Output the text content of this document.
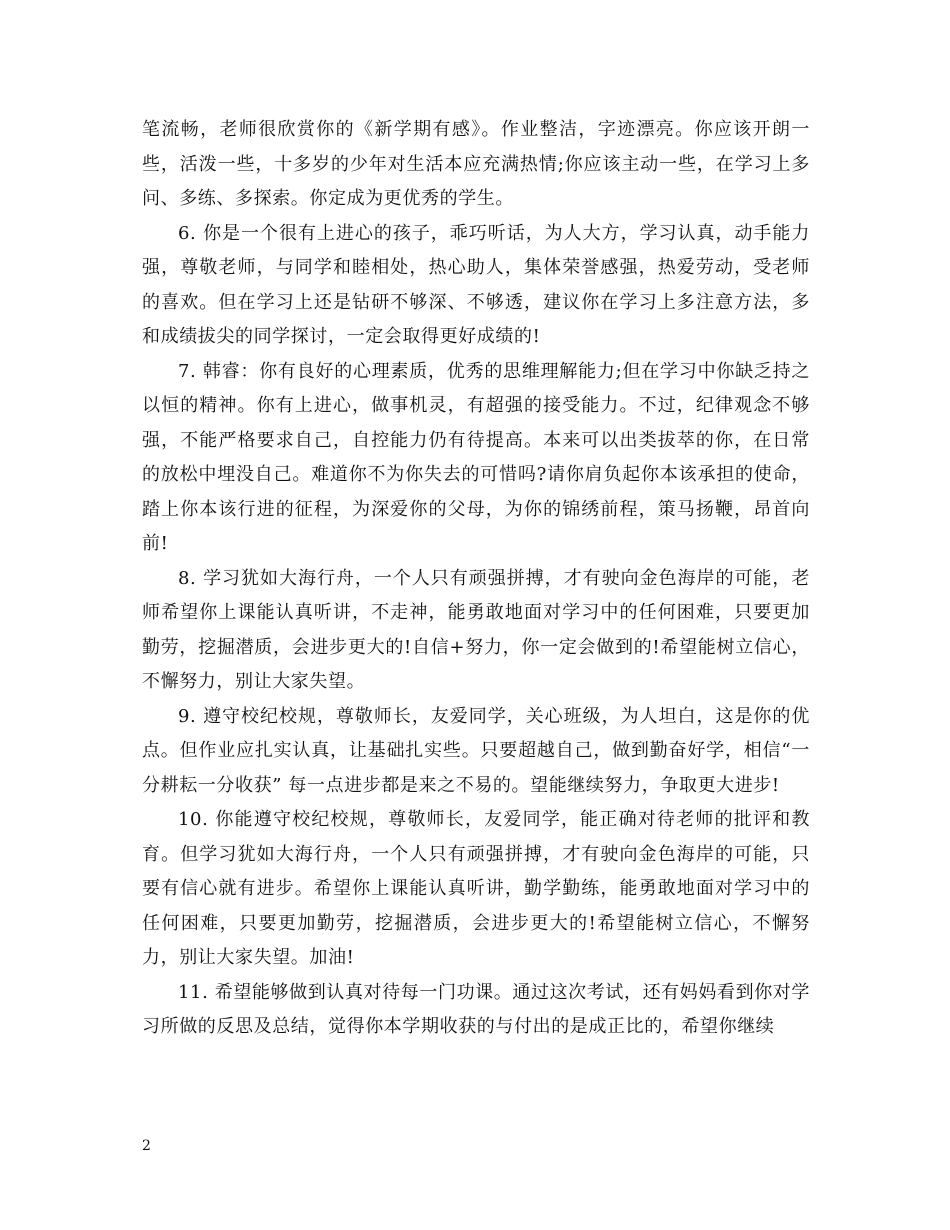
笔流畅，老师很欣赏你的《新学期有感》。作业整洁，字迹漂亮。你应该开朗一些，活泼一些，十多岁的少年对生活本应充满热情;你应该主动一些，在学习上多问、多练、多探索。你定成为更优秀的学生。

6. 你是一个很有上进心的孩子，乖巧听话，为人大方，学习认真，动手能力强，尊敬老师，与同学和睦相处，热心助人，集体荣誉感强，热爱劳动，受老师的喜欢。但在学习上还是钻研不够深、不够透，建议你在学习上多注意方法，多和成绩拔尖的同学探讨，一定会取得更好成绩的!

7. 韩睿：你有良好的心理素质，优秀的思维理解能力;但在学习中你缺乏持之以恒的精神。你有上进心，做事机灵，有超强的接受能力。不过，纪律观念不够强，不能严格要求自己，自控能力仍有待提高。本来可以出类拔萃的你，在日常的放松中埋没自己。难道你不为你失去的可惜吗?请你肩负起你本该承担的使命，踏上你本该行进的征程，为深爱你的父母，为你的锦绣前程，策马扬鞭，昂首向前!

8. 学习犹如大海行舟，一个人只有顽强拼搏，才有驶向金色海岸的可能，老师希望你上课能认真听讲，不走神，能勇敢地面对学习中的任何困难，只要更加勤劳，挖掘潜质，会进步更大的!自信+努力，你一定会做到的!希望能树立信心，不懈努力，别让大家失望。

9. 遵守校纪校规，尊敬师长，友爱同学，关心班级，为人坦白，这是你的优点。但作业应扎实认真，让基础扎实些。只要超越自己，做到勤奋好学，相信“一分耕耘一分收获” 每一点进步都是来之不易的。望能继续努力，争取更大进步!

10. 你能遵守校纪校规，尊敬师长，友爱同学，能正确对待老师的批评和教育。但学习犹如大海行舟，一个人只有顽强拼搏，才有驶向金色海岸的可能，只要有信心就有进步。希望你上课能认真听讲，勤学勤练，能勇敢地面对学习中的任何困难，只要更加勤劳，挖掘潜质，会进步更大的!希望能树立信心，不懈努力，别让大家失望。加油!

11. 希望能够做到认真对待每一门功课。通过这次考试，还有妈妈看到你对学习所做的反思及总结，觉得你本学期收获的与付出的是成正比的，希望你继续

2
